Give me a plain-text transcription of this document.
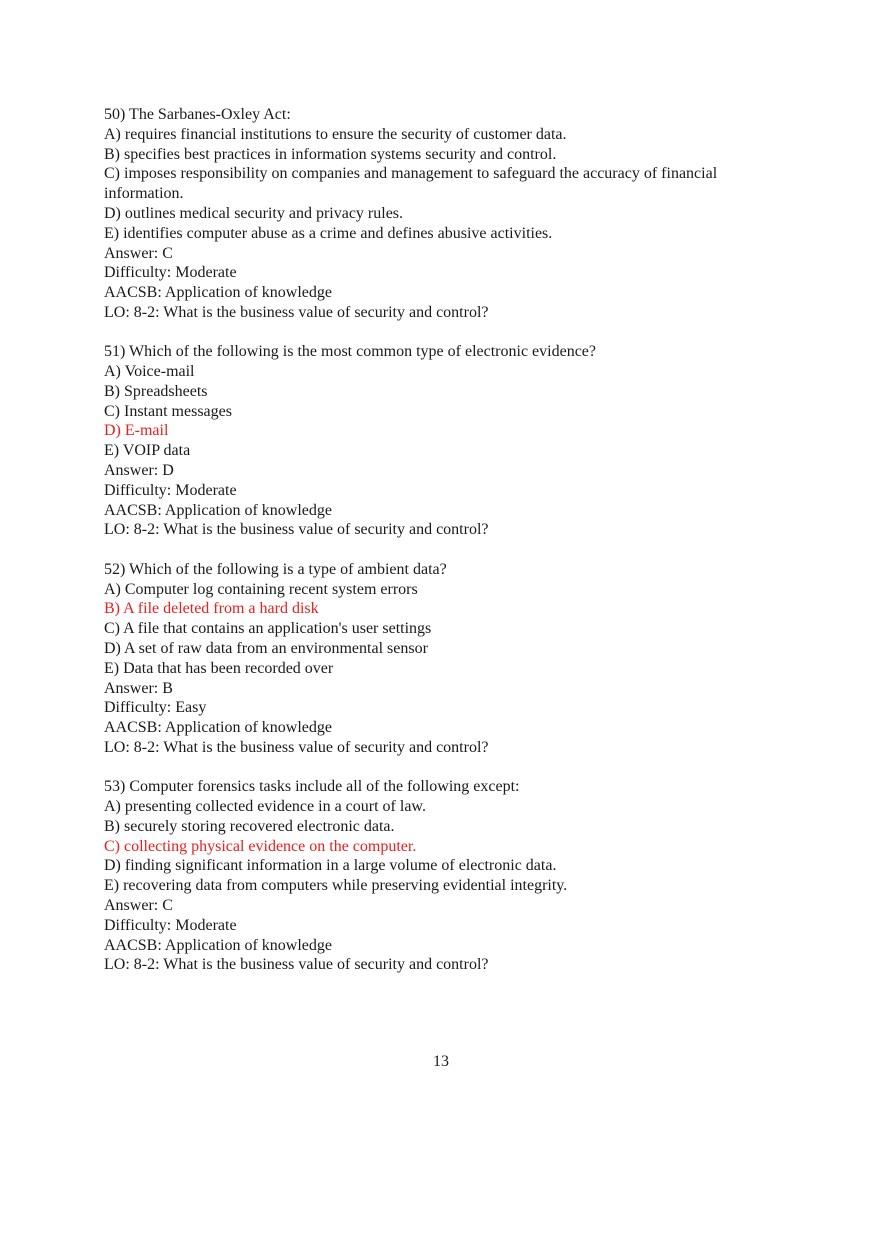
50) The Sarbanes-Oxley Act:
A) requires financial institutions to ensure the security of customer data.
B) specifies best practices in information systems security and control.
C) imposes responsibility on companies and management to safeguard the accuracy of financial information.
D) outlines medical security and privacy rules.
E) identifies computer abuse as a crime and defines abusive activities.
Answer: C
Difficulty: Moderate
AACSB: Application of knowledge
LO: 8-2: What is the business value of security and control?
51) Which of the following is the most common type of electronic evidence?
A) Voice-mail
B) Spreadsheets
C) Instant messages
D) E-mail
E) VOIP data
Answer: D
Difficulty: Moderate
AACSB: Application of knowledge
LO: 8-2: What is the business value of security and control?
52) Which of the following is a type of ambient data?
A) Computer log containing recent system errors
B) A file deleted from a hard disk
C) A file that contains an application's user settings
D) A set of raw data from an environmental sensor
E) Data that has been recorded over
Answer: B
Difficulty: Easy
AACSB: Application of knowledge
LO: 8-2: What is the business value of security and control?
53) Computer forensics tasks include all of the following except:
A) presenting collected evidence in a court of law.
B) securely storing recovered electronic data.
C) collecting physical evidence on the computer.
D) finding significant information in a large volume of electronic data.
E) recovering data from computers while preserving evidential integrity.
Answer: C
Difficulty: Moderate
AACSB: Application of knowledge
LO: 8-2: What is the business value of security and control?
13
